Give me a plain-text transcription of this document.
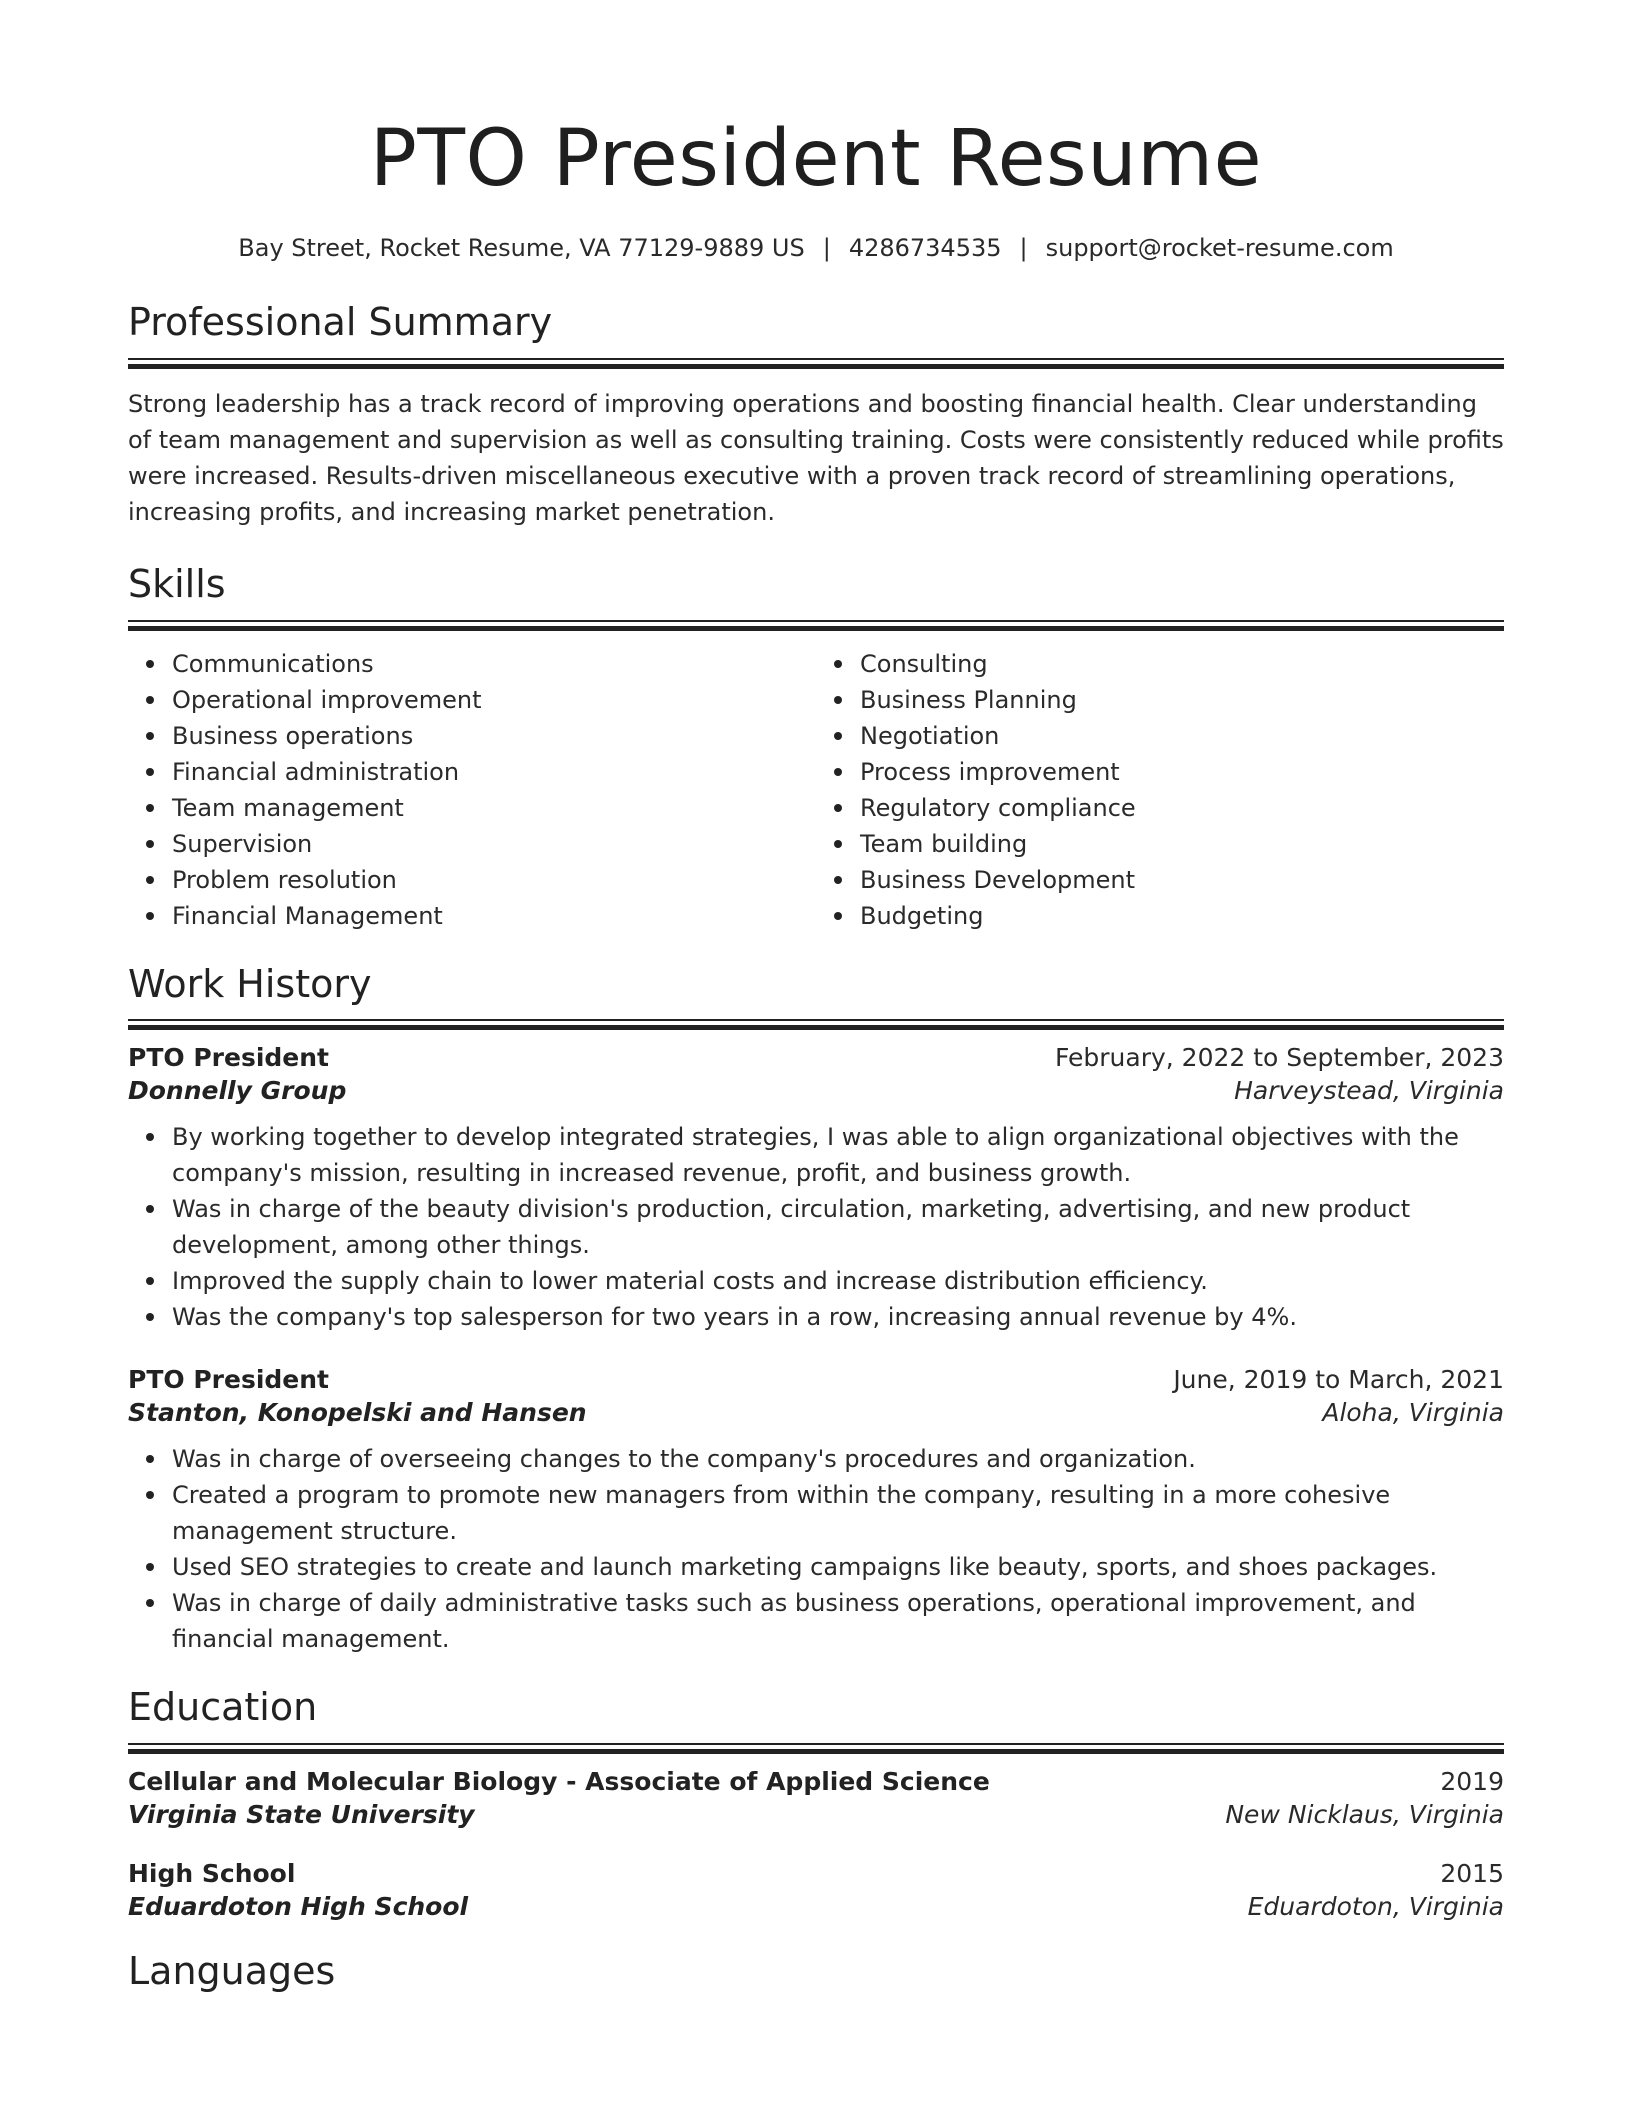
PTO President Resume
Bay Street, Rocket Resume, VA 77129-9889 US | 4286734535 | support@rocket-resume.com
Professional Summary

Strong leadership has a track record of improving operations and boosting financial health. Clear understanding of team management and supervision as well as consulting training. Costs were consistently reduced while profits were increased. Results-driven miscellaneous executive with a proven track record of streamlining operations, increasing profits, and increasing market penetration.

Skills
Communications
Operational improvement
Business operations
Financial administration
Team management
Supervision
Problem resolution
Financial Management
Consulting
Business Planning
Negotiation
Process improvement
Regulatory compliance
Team building
Business Development
Budgeting
Work History
PTO President	February, 2022 to September, 2023
Donnelly Group	Harveystead, Virginia
By working together to develop integrated strategies, I was able to align organizational objectives with the company's mission, resulting in increased revenue, profit, and business growth.
Was in charge of the beauty division's production, circulation, marketing, advertising, and new product development, among other things.
Improved the supply chain to lower material costs and increase distribution efficiency.
Was the company's top salesperson for two years in a row, increasing annual revenue by 4%.
PTO President	June, 2019 to March, 2021
Stanton, Konopelski and Hansen	Aloha, Virginia
Was in charge of overseeing changes to the company's procedures and organization.
Created a program to promote new managers from within the company, resulting in a more cohesive management structure.
Used SEO strategies to create and launch marketing campaigns like beauty, sports, and shoes packages.
Was in charge of daily administrative tasks such as business operations, operational improvement, and financial management.
Education
Cellular and Molecular Biology - Associate of Applied Science	2019
Virginia State University	New Nicklaus, Virginia
High School	2015
Eduardoton High School	Eduardoton, Virginia
Languages
